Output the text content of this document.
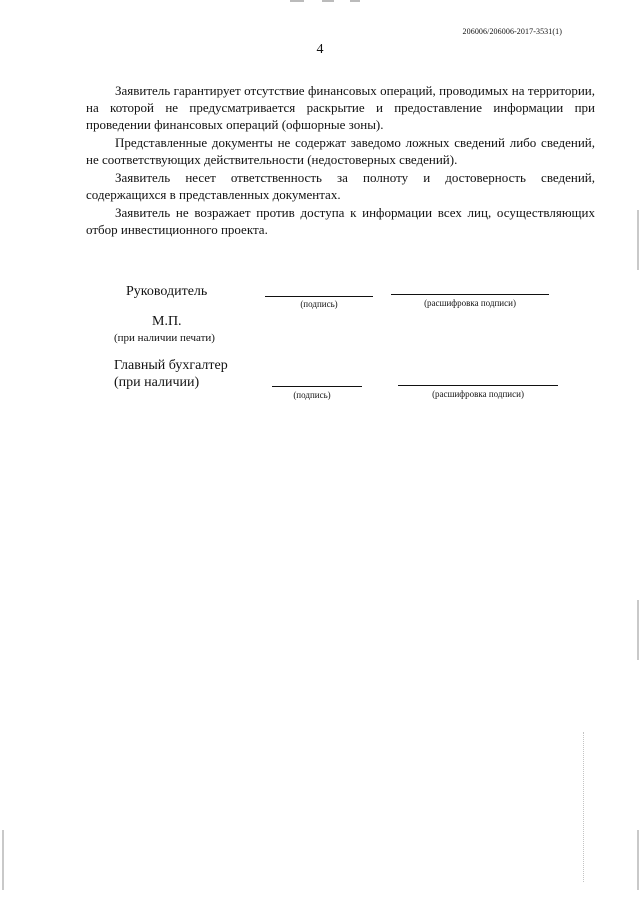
206006/206006-2017-3531(1)
4

Заявитель гарантирует отсутствие финансовых операций, проводимых на территории, на которой не предусматривается раскрытие и предоставление информации при проведении финансовых операций (офшорные зоны).

Представленные документы не содержат заведомо ложных сведений либо сведений, не соответствующих действительности (недостоверных сведений).

Заявитель несет ответственность за полноту и достоверность сведений, содержащихся в представленных документах.

Заявитель не возражает против доступа к информации всех лиц, осуществляющих отбор инвестиционного проекта.

Руководитель
(подпись)	(расшифровка подписи)
М.П.
(при наличии печати)
Главный бухгалтер
(при наличии)
(подпись)	(расшифровка подписи)
